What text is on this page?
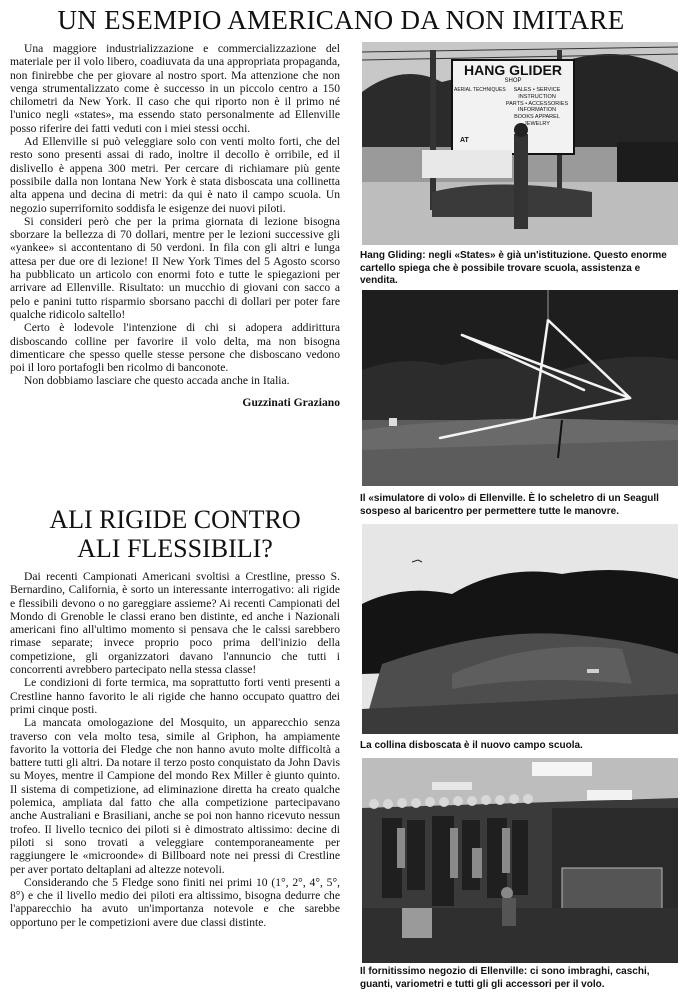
UN ESEMPIO AMERICANO DA NON IMITARE

Una maggiore industrializzazione e commercializzazione del materiale per il volo libero, coadiuvata da una appropriata propaganda, non finirebbe che per giovare al nostro sport. Ma attenzione che non venga strumentalizzato come è successo in un piccolo centro a 150 chilometri da New York. Il caso che qui riporto non è il primo né l'unico negli «states», ma essendo stato personalmente ad Ellenville posso riferire dei fatti veduti con i miei stessi occhi.

Ad Ellenville si può veleggiare solo con venti molto forti, che del resto sono presenti assai di rado, inoltre il decollo è orribile, ed il dislivello è appena 300 metri. Per cercare di richiamare più gente possibile dalla non lontana New York è stata disboscata una collinetta alta appena und decina di metri: da qui è nato il campo scuola. Un negozio superrifornito soddisfa le esigenze dei nuovi piloti.

Si consideri però che per la prima giornata di lezione bisogna sborzare la bellezza di 70 dollari, mentre per le lezioni successive gli «yankee» si accontentano di 50 verdoni. In fila con gli altri e lunga attesa per due ore di lezione! Il New York Times del 5 Agosto scorso ha pubblicato un articolo con enormi foto e tutte le spiegazioni per arrivare ad Ellenville. Risultato: un mucchio di giovani con sacco a pelo e panini tutto risparmio sborsano pacchi di dollari per poter fare qualche ridicolo saltello!

Certo è lodevole l'intenzione di chi si adopera addirittura disboscando colline per favorire il volo delta, ma non bisogna dimenticare che spesso quelle stesse persone che disboscano vedono poi il loro portafogli ben ricolmo di banconote.

Non dobbiamo lasciare che questo accada anche in Italia.

Guzzinati Graziano

ALI RIGIDE CONTRO
ALI FLESSIBILI?

Dai recenti Campionati Americani svoltisi a Crestline, presso S. Bernardino, California, è sorto un interessante interrogativo: ali rigide e flessibili devono o no gareggiare assieme? Ai recenti Campionati del Mondo di Grenoble le classi erano ben distinte, ed anche i Nazionali americani fino all'ultimo momento si pensava che le calssi sarebbero rimase separate; invece proprio poco prima dell'inizio della competizione, gli organizzatori davano l'annuncio che tutti i concorrenti avrebbero partecipato nella stessa classe!

Le condizioni di forte termica, ma soprattutto forti venti presenti a Crestline hanno favorito le ali rigide che hanno occupato quattro dei primi cinque posti.

La mancata omologazione del Mosquito, un apparecchio senza traverso con vela molto tesa, simile al Griphon, ha ampiamente favorito la vottoria dei Fledge che non hanno avuto molte difficoltà a battere tutti gli altri. Da notare il terzo posto conquistato da John Davis su Moyes, mentre il Campione del mondo Rex Miller è giunto quinto. Il sistema di competizione, ad eliminazione diretta ha creato qualche polemica, ampliata dal fatto che alla competizione partecipavano anche Australiani e Brasiliani, anche se poi non hanno ricevuto nessun trofeo. Il livello tecnico dei piloti si è dimostrato altissimo: decine di piloti si sono trovati a veleggiare contemporaneamente per raggiungere le «microonde» di Billboard note nei pressi di Crestline per aver portato deltaplani ad altezze notevoli.

Considerando che 5 Fledge sono finiti nei primi 10 (1°, 2°, 4°, 5°, 8°) e che il livello medio dei piloti era altissimo, bisogna dedurre che l'apparecchio ha avuto un'importanza notevole e che sarebbe opportuno per le competizioni avere due classi distinte.

HANG GLIDER
SHOP
AERIAL TECHNIQUES	SALES • SERVICE
INSTRUCTION
PARTS • ACCESSORIES
INFORMATION
BOOKS APPAREL JEWELRY
AT

Hang Gliding: negli «States» è già un'istituzione. Questo enorme cartello spiega che è possibile trovare scuola, assistenza e vendita.

Il «simulatore di volo» di Ellenville. È lo scheletro di un Seagull sospeso al baricentro per permettere tutte le manovre.

La collina disboscata è il nuovo campo scuola.

Il fornitissimo negozio di Ellenville: ci sono imbraghi, caschi, guanti, variometri e tutti gli gli accessori per il volo.
